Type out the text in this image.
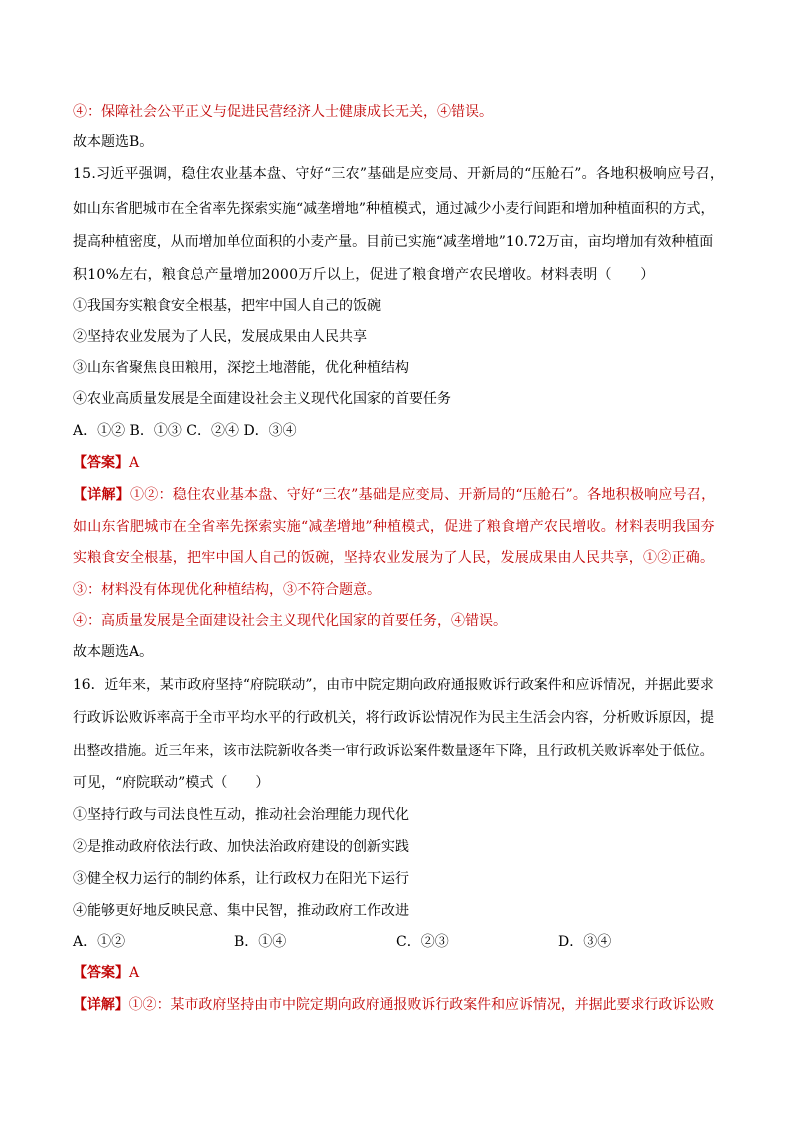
④：保障社会公平正义与促进民营经济人士健康成长无关，④错误。
故本题选B。
15.习近平强调，稳住农业基本盘、守好“三农”基础是应变局、开新局的“压舱石”。各地积极响应号召，
如山东省肥城市在全省率先探索实施“减垄增地”种植模式，通过减少小麦行间距和增加种植面积的方式，
提高种植密度，从而增加单位面积的小麦产量。目前已实施“减垄增地”10.72万亩，亩均增加有效种植面
积10%左右，粮食总产量增加2000万斤以上，促进了粮食增产农民增收。材料表明（　　）
①我国夯实粮食安全根基，把牢中国人自己的饭碗
②坚持农业发展为了人民，发展成果由人民共享
③山东省聚焦良田粮用，深挖土地潜能，优化种植结构
④农业高质量发展是全面建设社会主义现代化国家的首要任务
A．①② B．①③ C．②④ D．③④
【答案】A
【详解】①②：稳住农业基本盘、守好“三农”基础是应变局、开新局的“压舱石”。各地积极响应号召，
如山东省肥城市在全省率先探索实施“减垄增地”种植模式，促进了粮食增产农民增收。材料表明我国夯
实粮食安全根基，把牢中国人自己的饭碗，坚持农业发展为了人民，发展成果由人民共享，①②正确。
③：材料没有体现优化种植结构，③不符合题意。
④：高质量发展是全面建设社会主义现代化国家的首要任务，④错误。
故本题选A。
16．近年来，某市政府坚持“府院联动”，由市中院定期向政府通报败诉行政案件和应诉情况，并据此要求
行政诉讼败诉率高于全市平均水平的行政机关，将行政诉讼情况作为民主生活会内容，分析败诉原因，提
出整改措施。近三年来，该市法院新收各类一审行政诉讼案件数量逐年下降，且行政机关败诉率处于低位。
可见，“府院联动”模式（　　）
①坚持行政与司法良性互动，推动社会治理能力现代化
②是推动政府依法行政、加快法治政府建设的创新实践
③健全权力运行的制约体系，让行政权力在阳光下运行
④能够更好地反映民意、集中民智，推动政府工作改进
A．①②	B．①④	C．②③	D．③④
【答案】A
【详解】①②：某市政府坚持由市中院定期向政府通报败诉行政案件和应诉情况，并据此要求行政诉讼败
